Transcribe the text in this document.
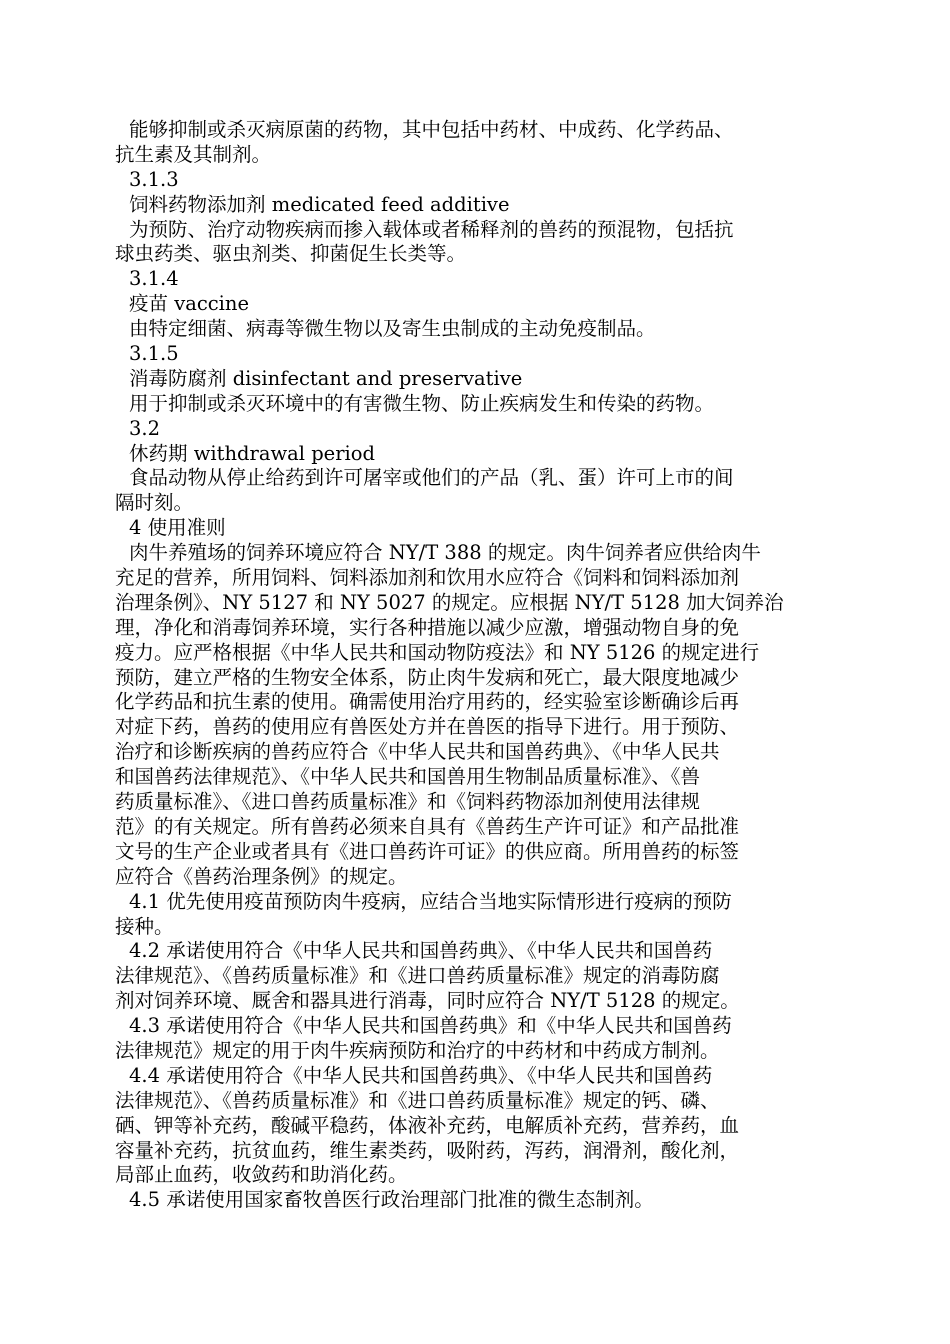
能够抑制或杀灭病原菌的药物，其中包括中药材、中成药、化学药品、
抗生素及其制剂。
3.1.3
饲料药物添加剂 medicated feed additive
为预防、治疗动物疾病而掺入载体或者稀释剂的兽药的预混物，包括抗
球虫药类、驱虫剂类、抑菌促生长类等。
3.1.4
疫苗 vaccine
由特定细菌、病毒等微生物以及寄生虫制成的主动免疫制品。
3.1.5
消毒防腐剂 disinfectant and preservative
用于抑制或杀灭环境中的有害微生物、防止疾病发生和传染的药物。
3.2
休药期 withdrawal period
食品动物从停止给药到许可屠宰或他们的产品（乳、蛋）许可上市的间
隔时刻。
4 使用准则
肉牛养殖场的饲养环境应符合 NY/T 388 的规定。肉牛饲养者应供给肉牛
充足的营养，所用饲料、饲料添加剂和饮用水应符合《饲料和饲料添加剂
治理条例》、NY 5127 和 NY 5027 的规定。应根据 NY/T 5128 加大饲养治
理，净化和消毒饲养环境，实行各种措施以减少应激，增强动物自身的免
疫力。应严格根据《中华人民共和国动物防疫法》和 NY 5126 的规定进行
预防，建立严格的生物安全体系，防止肉牛发病和死亡，最大限度地减少
化学药品和抗生素的使用。确需使用治疗用药的，经实验室诊断确诊后再
对症下药，兽药的使用应有兽医处方并在兽医的指导下进行。用于预防、
治疗和诊断疾病的兽药应符合《中华人民共和国兽药典》、《中华人民共
和国兽药法律规范》、《中华人民共和国兽用生物制品质量标准》、《兽
药质量标准》、《进口兽药质量标准》和《饲料药物添加剂使用法律规
范》的有关规定。所有兽药必须来自具有《兽药生产许可证》和产品批准
文号的生产企业或者具有《进口兽药许可证》的供应商。所用兽药的标签
应符合《兽药治理条例》的规定。
4.1 优先使用疫苗预防肉牛疫病，应结合当地实际情形进行疫病的预防
接种。
4.2 承诺使用符合《中华人民共和国兽药典》、《中华人民共和国兽药
法律规范》、《兽药质量标准》和《进口兽药质量标准》规定的消毒防腐
剂对饲养环境、厩舍和器具进行消毒，同时应符合 NY/T 5128 的规定。
4.3 承诺使用符合《中华人民共和国兽药典》和《中华人民共和国兽药
法律规范》规定的用于肉牛疾病预防和治疗的中药材和中药成方制剂。
4.4 承诺使用符合《中华人民共和国兽药典》、《中华人民共和国兽药
法律规范》、《兽药质量标准》和《进口兽药质量标准》规定的钙、磷、
硒、钾等补充药，酸碱平稳药，体液补充药，电解质补充药，营养药，血
容量补充药，抗贫血药，维生素类药，吸附药，泻药，润滑剂，酸化剂，
局部止血药，收敛药和助消化药。
4.5 承诺使用国家畜牧兽医行政治理部门批准的微生态制剂。
